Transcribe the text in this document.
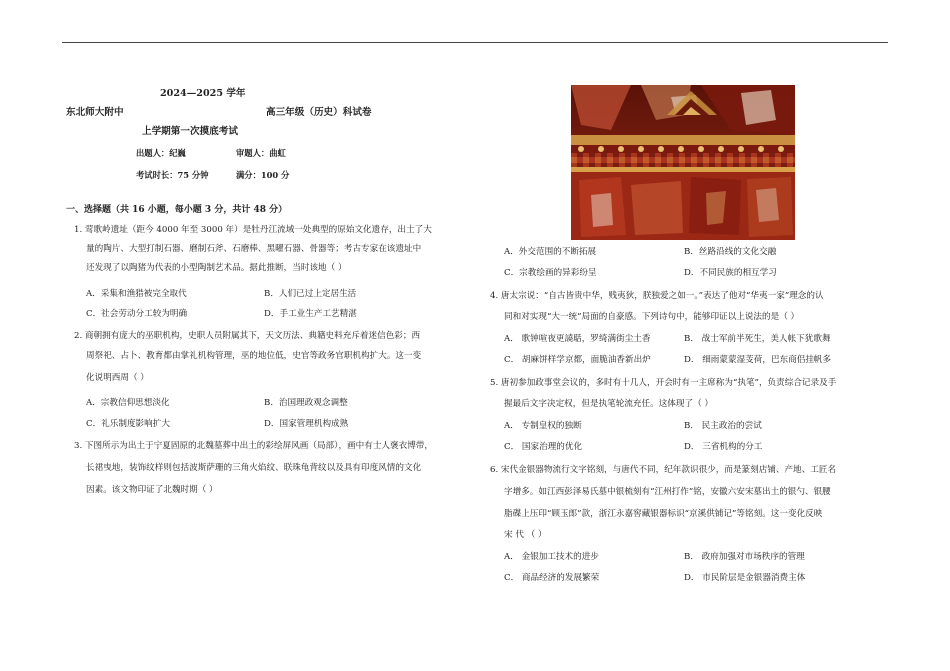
2024—2025 学年
东北师大附中	高三年级（历史）科试卷
上学期第一次摸底考试
出题人：纪巍	审题人：曲虹
考试时长：75 分钟	满分：100 分
一、选择题（共 16 小题，每小题 3 分，共计 48 分）
1. 莺歌岭遗址（距今 4000 年至 3000 年）是牡丹江流域一处典型的原始文化遗存，出土了大
量的陶片、大型打制石器、磨制石斧、石磨棒、黑曜石器、骨器等；考古专家在该遗址中
还发现了以陶猪为代表的小型陶制艺术品。据此推断，当时该地（ ）
A．采集和渔猎被完全取代	B．人们已过上定居生活
C．社会劳动分工较为明确	D．手工业生产工艺精湛
2. 商朝拥有庞大的巫职机构，史职人员附属其下，天文历法、典籍史料充斥着迷信色彩；西
周祭祀、占卜、教育都由掌礼机构管理，巫的地位低，史官等政务官职机构扩大。这一变
化说明西周（ ）
A．宗教信仰思想淡化	B．治国理政观念调整
C．礼乐制度影响扩大	D．国家管理机构成熟
3. 下图所示为出土于宁夏固原的北魏墓葬中出土的彩绘屏风画（局部），画中有士人褒衣博带，
长裙曳地，装饰纹样则包括波斯萨珊的三角火焰纹、联珠龟背纹以及具有印度风情的文化
因素。该文物印证了北魏时期（ ）
A．外交范围的不断拓展	B．丝路沿线的文化交融
C．宗教绘画的异彩纷呈	D．不同民族的相互学习
4. 唐太宗说：“自古皆贵中华，贱夷狄，朕独爱之如一。”表达了他对“华夷一家”理念的认
同和对实现“大一统”局面的自豪感。下列诗句中，能够印证以上说法的是（ ）
A． 歌钟喧夜更譊聒，罗绮满街尘土香	B． 战士军前半死生，美人帐下犹歌舞
C． 胡麻饼样学京都，面脆油香新出炉	D． 细雨蒙蒙湿芰荷，巴东商侣挂帆多
5. 唐初参加政事堂会议的，多时有十几人，开会时有一主席称为“执笔”，负责综合记录及手
握最后文字决定权，但是执笔轮流充任。这体现了（ ）
A． 专制皇权的独断	B． 民主政治的尝试
C． 国家治理的优化	D． 三省机构的分工
6. 宋代金银器物流行文字铭刻，与唐代不同，纪年款识很少，而是篆刻店铺、产地、工匠名
字增多。如江西彭泽易氏墓中银梳刻有“江州打作”铭，安徽六安宋墓出土的银勺、银腰
脂碟上压印“顾玉郎”款，浙江永嘉窖藏银器标识“京溪供铺记”等铭刻。这一变化反映
宋 代 （ ）
A． 金银加工技术的进步	B． 政府加强对市场秩序的管理
C． 商品经济的发展繁荣	D． 市民阶层是金银器消费主体
